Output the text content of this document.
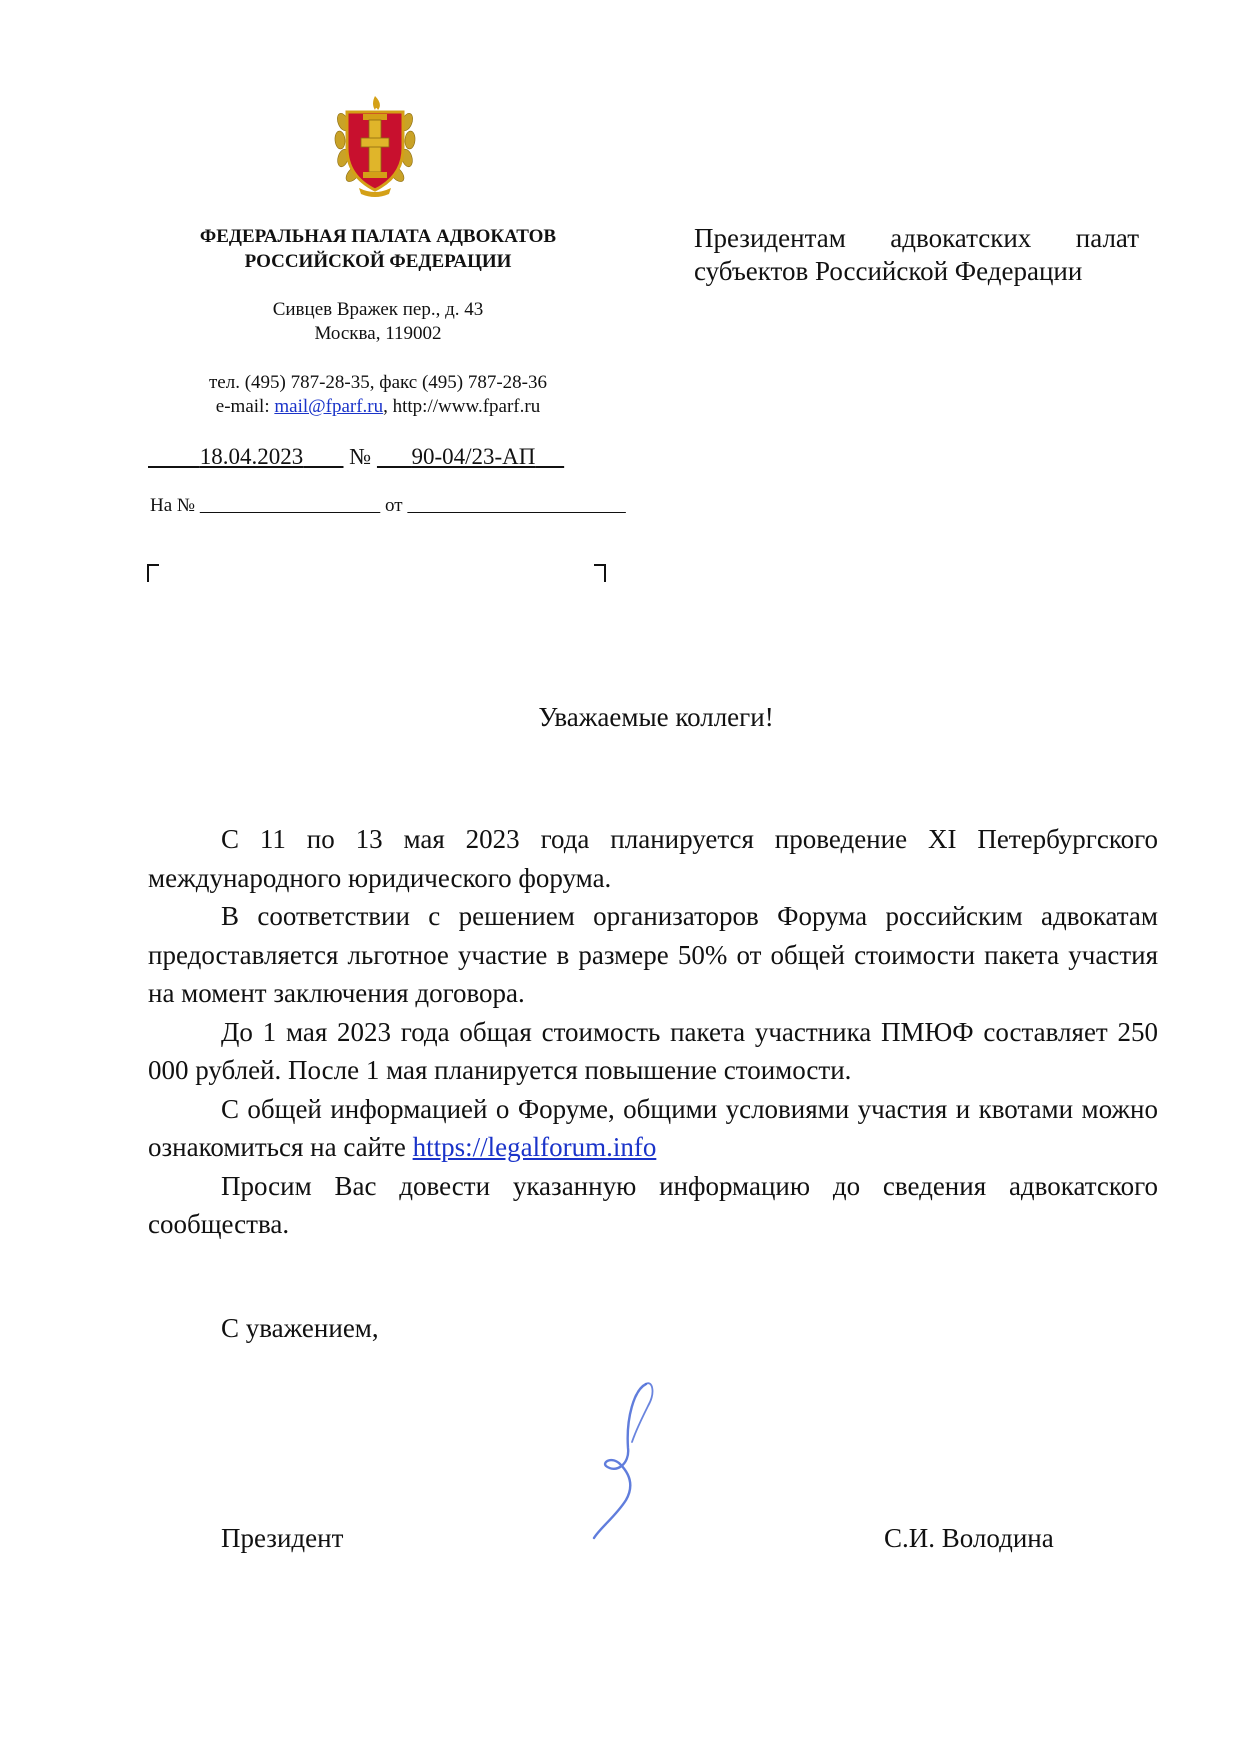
ФЕДЕРАЛЬНАЯ ПАЛАТА АДВОКАТОВ
РОССИЙСКОЙ ФЕДЕРАЦИИ
Сивцев Вражек пер., д. 43
Москва, 119002
тел. (495) 787-28-35, факс (495) 787-28-36
e-mail: mail@fparf.ru, http://www.fparf.ru
18.04.2023 № 90-04/23-АП
На №	от
Президентам адвокатских палат
субъектов Российской Федерации
Уважаемые коллеги!

С 11 по 13 мая 2023 года планируется проведение XI Петербургского международного юридического форума.

В соответствии с решением организаторов Форума российским адвокатам предоставляется льготное участие в размере 50% от общей стоимости пакета участия на момент заключения договора.

До 1 мая 2023 года общая стоимость пакета участника ПМЮФ составляет 250 000 рублей. После 1 мая планируется повышение стоимости.

С общей информацией о Форуме, общими условиями участия и квотами можно ознакомиться на сайте https://legalforum.info

Просим Вас довести указанную информацию до сведения адвокатского сообщества.

С уважением,
Президент	С.И. Володина
